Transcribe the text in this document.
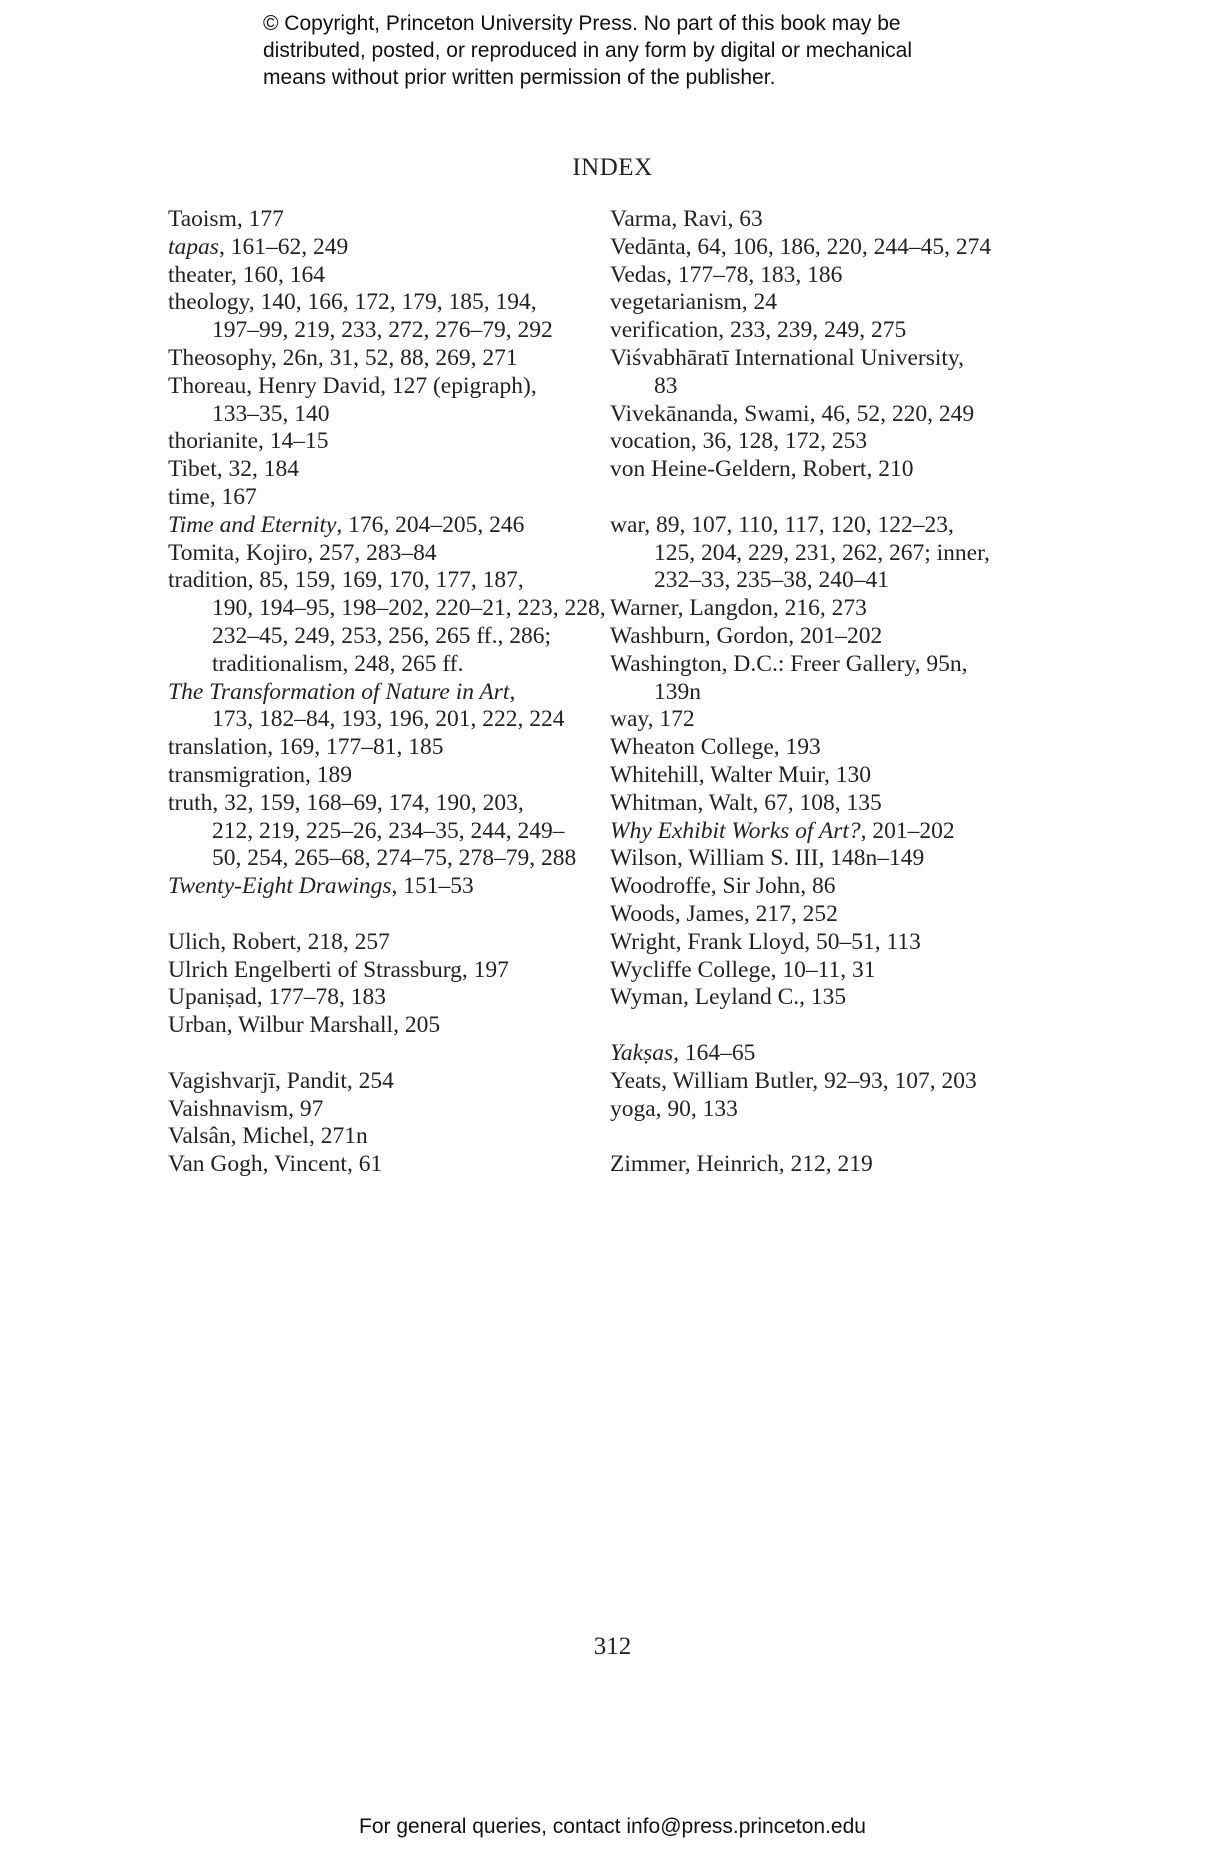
© Copyright, Princeton University Press. No part of this book may be
distributed, posted, or reproduced in any form by digital or mechanical
means without prior written permission of the publisher.
INDEX
Taoism, 177
tapas, 161–62, 249
theater, 160, 164
theology, 140, 166, 172, 179, 185, 194,
197–99, 219, 233, 272, 276–79, 292
Theosophy, 26n, 31, 52, 88, 269, 271
Thoreau, Henry David, 127 (epigraph),
133–35, 140
thorianite, 14–15
Tibet, 32, 184
time, 167
Time and Eternity, 176, 204–205, 246
Tomita, Kojiro, 257, 283–84
tradition, 85, 159, 169, 170, 177, 187,
190, 194–95, 198–202, 220–21, 223, 228,
232–45, 249, 253, 256, 265 ff., 286;
traditionalism, 248, 265 ff.
The Transformation of Nature in Art,
173, 182–84, 193, 196, 201, 222, 224
translation, 169, 177–81, 185
transmigration, 189
truth, 32, 159, 168–69, 174, 190, 203,
212, 219, 225–26, 234–35, 244, 249–
50, 254, 265–68, 274–75, 278–79, 288
Twenty-Eight Drawings, 151–53
Ulich, Robert, 218, 257
Ulrich Engelberti of Strassburg, 197
Upaniṣad, 177–78, 183
Urban, Wilbur Marshall, 205
Vagishvarjī, Pandit, 254
Vaishnavism, 97
Valsân, Michel, 271n
Van Gogh, Vincent, 61
Varma, Ravi, 63
Vedānta, 64, 106, 186, 220, 244–45, 274
Vedas, 177–78, 183, 186
vegetarianism, 24
verification, 233, 239, 249, 275
Viśvabhāratī International University,
83
Vivekānanda, Swami, 46, 52, 220, 249
vocation, 36, 128, 172, 253
von Heine-Geldern, Robert, 210
war, 89, 107, 110, 117, 120, 122–23,
125, 204, 229, 231, 262, 267; inner,
232–33, 235–38, 240–41
Warner, Langdon, 216, 273
Washburn, Gordon, 201–202
Washington, D.C.: Freer Gallery, 95n,
139n
way, 172
Wheaton College, 193
Whitehill, Walter Muir, 130
Whitman, Walt, 67, 108, 135
Why Exhibit Works of Art?, 201–202
Wilson, William S. III, 148n–149
Woodroffe, Sir John, 86
Woods, James, 217, 252
Wright, Frank Lloyd, 50–51, 113
Wycliffe College, 10–11, 31
Wyman, Leyland C., 135
Yakṣas, 164–65
Yeats, William Butler, 92–93, 107, 203
yoga, 90, 133
Zimmer, Heinrich, 212, 219
312
For general queries, contact info@press.princeton.edu
